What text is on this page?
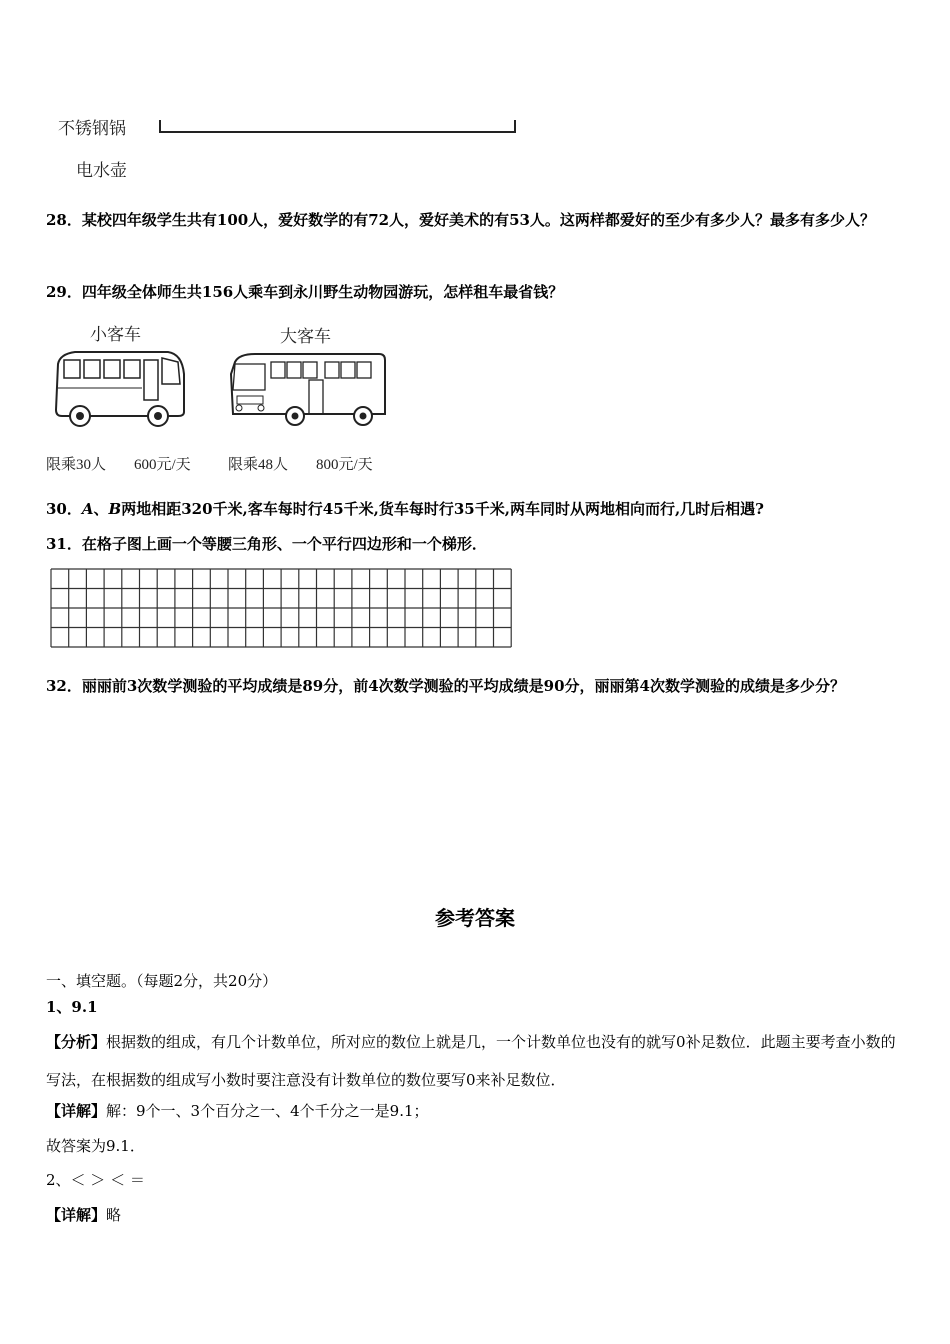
不锈钢锅
电水壶
28．某校四年级学生共有100人，爱好数学的有72人，爱好美术的有53人。这两样都爱好的至少有多少人？最多有多少人？
29．四年级全体师生共156人乘车到永川野生动物园游玩，怎样租车最省钱？
小客车
限乘30人 600元/天
大客车
限乘48人 800元/天
30．A、B两地相距320千米,客车每时行45千米,货车每时行35千米,两车同时从两地相向而行,几时后相遇?
31．在格子图上画一个等腰三角形、一个平行四边形和一个梯形．
32．丽丽前3次数学测验的平均成绩是89分，前4次数学测验的平均成绩是90分，丽丽第4次数学测验的成绩是多少分？
参考答案
一、填空题。（每题2分，共20分）
1、9.1
【分析】根据数的组成，有几个计数单位，所对应的数位上就是几，一个计数单位也没有的就写0补足数位．此题主要考查小数的写法，在根据数的组成写小数时要注意没有计数单位的数位要写0来补足数位．
【详解】解：9个一、3个百分之一、4个千分之一是9.1；
故答案为9.1．
2、＜ ＞ ＜ ＝
【详解】略
